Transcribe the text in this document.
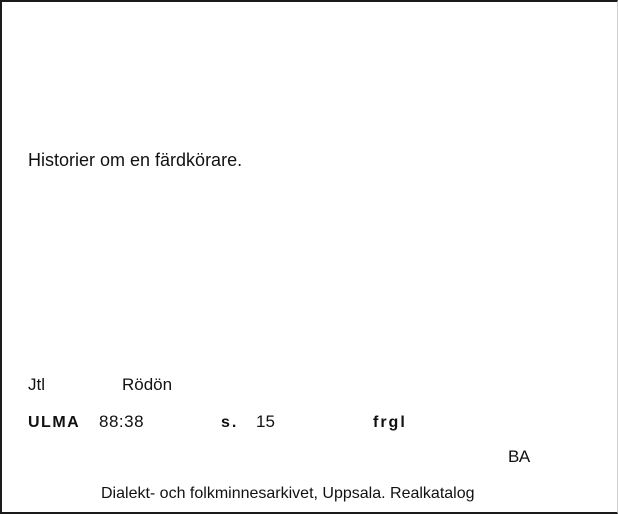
Historier om en färdkörare.
Jtl	Rödön
ULMA 88:38	s. 15	frgl
BA
Dialekt- och folkminnesarkivet, Uppsala. Realkatalog
